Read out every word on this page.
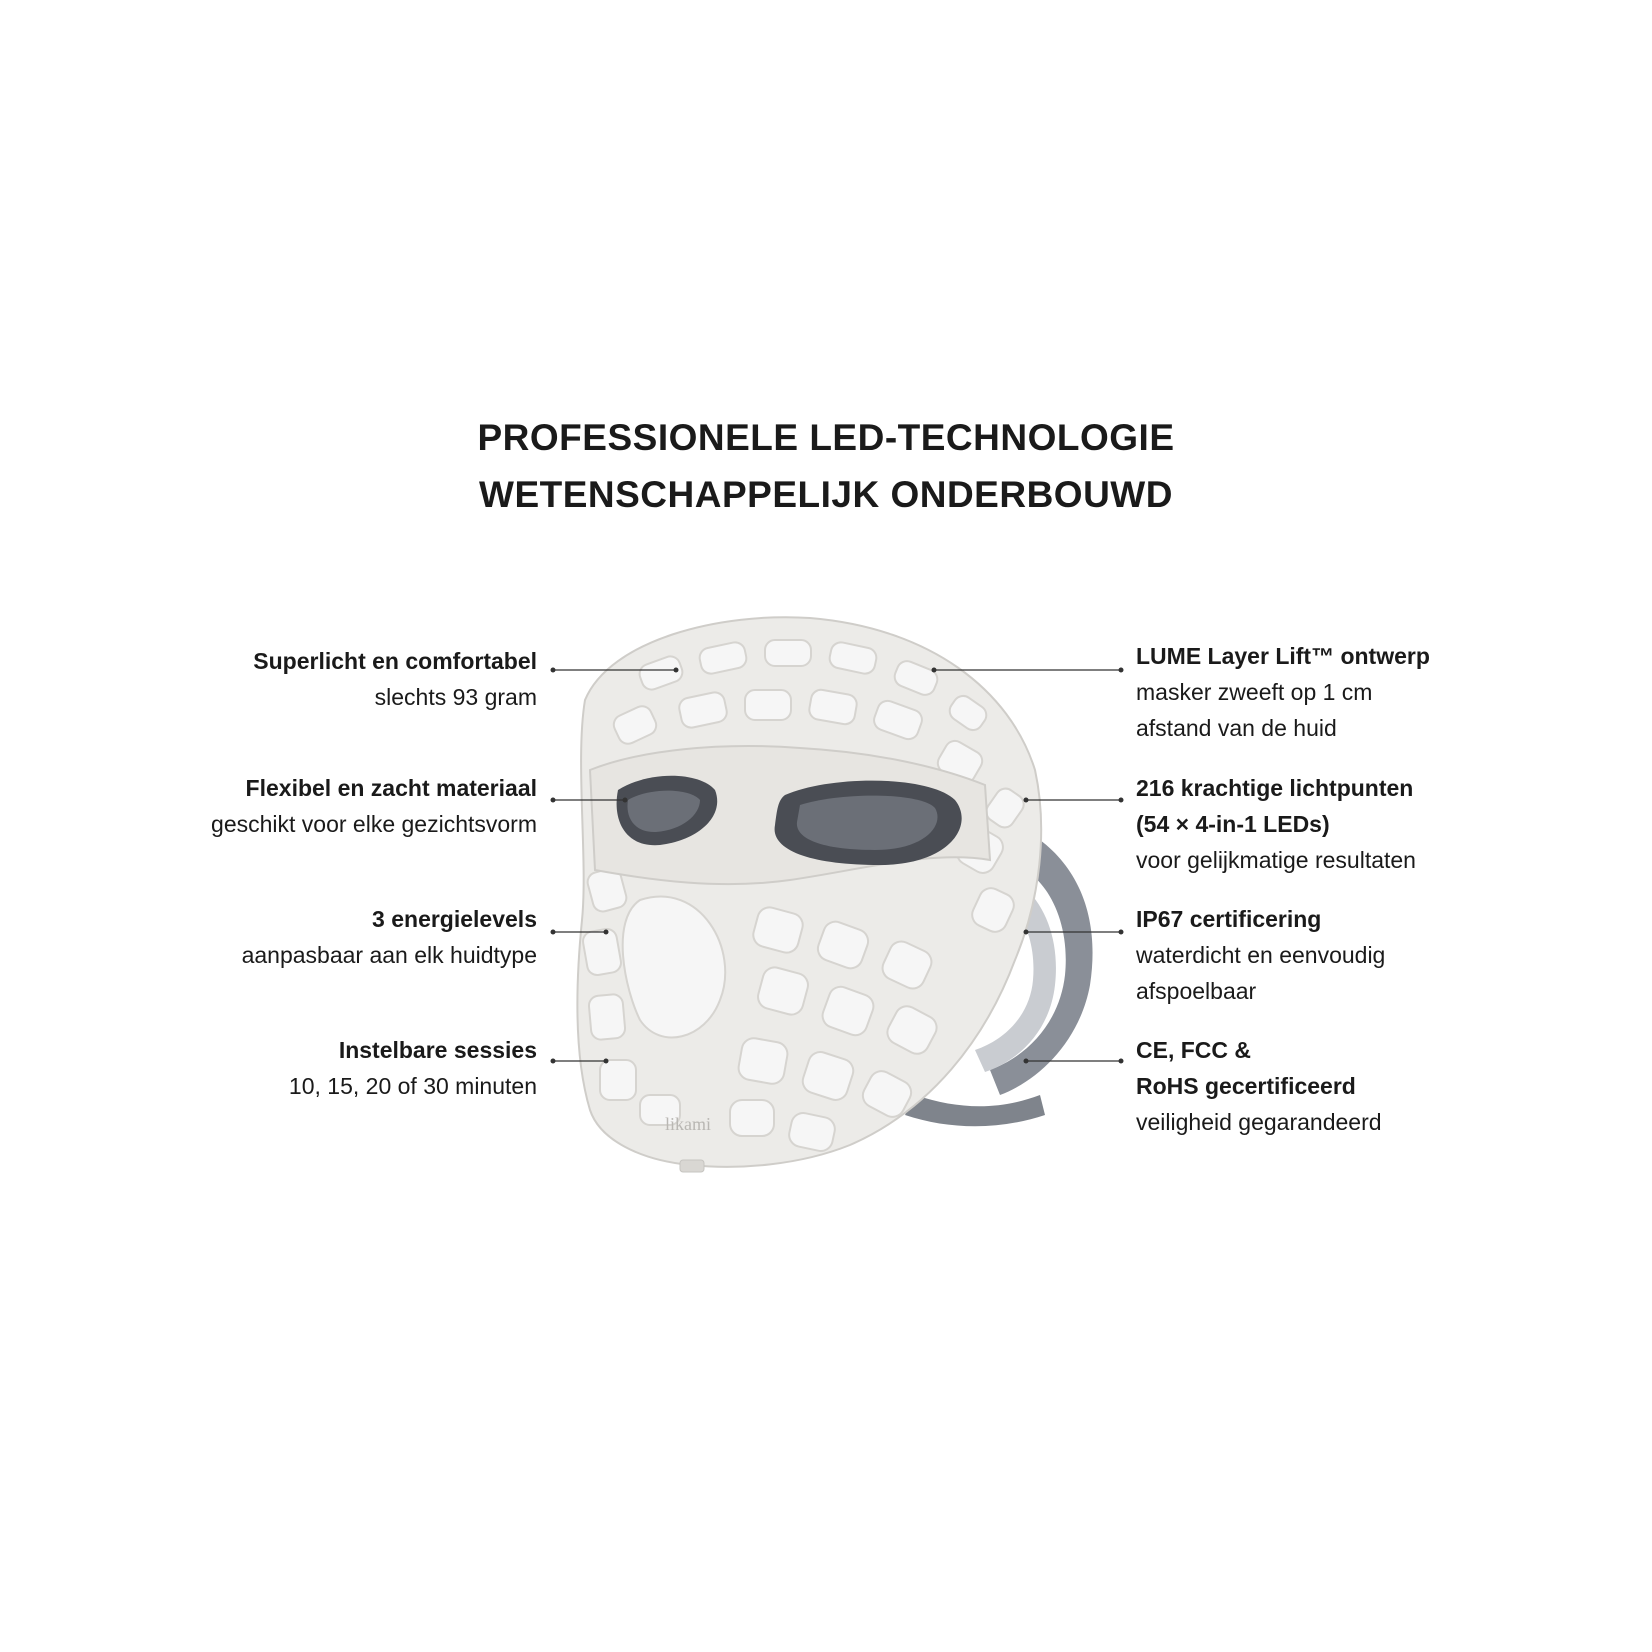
PROFESSIONELE LED-TECHNOLOGIE
WETENSCHAPPELIJK ONDERBOUWD
likami
Superlicht en comfortabel
slechts 93 gram
Flexibel en zacht materiaal
geschikt voor elke gezichtsvorm
3 energielevels
aanpasbaar aan elk huidtype
Instelbare sessies
10, 15, 20 of 30 minuten
LUME Layer Lift™ ontwerp
masker zweeft op 1 cm
afstand van de huid
216 krachtige lichtpunten
(54 × 4-in-1 LEDs)
voor gelijkmatige resultaten
IP67 certificering
waterdicht en eenvoudig
afspoelbaar
CE, FCC &
RoHS gecertificeerd
veiligheid gegarandeerd
